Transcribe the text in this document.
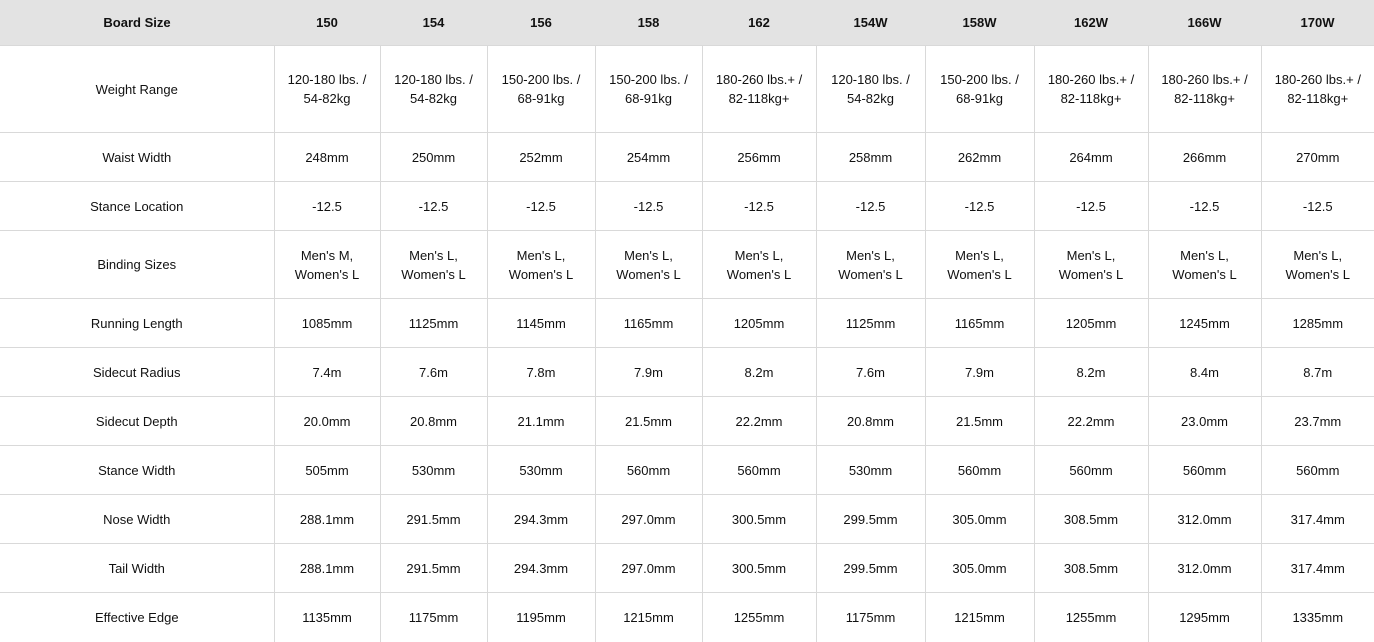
Board Size	150	154	156	158	162	154W	158W	162W	166W	170W
Weight Range	120-180 lbs. / 54-82kg	120-180 lbs. / 54-82kg	150-200 lbs. / 68-91kg	150-200 lbs. / 68-91kg	180-260 lbs.+ / 82-118kg+	120-180 lbs. / 54-82kg	150-200 lbs. / 68-91kg	180-260 lbs.+ / 82-118kg+	180-260 lbs.+ / 82-118kg+	180-260 lbs.+ / 82-118kg+
Waist Width	248mm	250mm	252mm	254mm	256mm	258mm	262mm	264mm	266mm	270mm
Stance Location	-12.5	-12.5	-12.5	-12.5	-12.5	-12.5	-12.5	-12.5	-12.5	-12.5
Binding Sizes	Men's M, Women's L	Men's L, Women's L	Men's L, Women's L	Men's L, Women's L	Men's L, Women's L	Men's L, Women's L	Men's L, Women's L	Men's L, Women's L	Men's L, Women's L	Men's L, Women's L
Running Length	1085mm	1125mm	1145mm	1165mm	1205mm	1125mm	1165mm	1205mm	1245mm	1285mm
Sidecut Radius	7.4m	7.6m	7.8m	7.9m	8.2m	7.6m	7.9m	8.2m	8.4m	8.7m
Sidecut Depth	20.0mm	20.8mm	21.1mm	21.5mm	22.2mm	20.8mm	21.5mm	22.2mm	23.0mm	23.7mm
Stance Width	505mm	530mm	530mm	560mm	560mm	530mm	560mm	560mm	560mm	560mm
Nose Width	288.1mm	291.5mm	294.3mm	297.0mm	300.5mm	299.5mm	305.0mm	308.5mm	312.0mm	317.4mm
Tail Width	288.1mm	291.5mm	294.3mm	297.0mm	300.5mm	299.5mm	305.0mm	308.5mm	312.0mm	317.4mm
Effective Edge	1135mm	1175mm	1195mm	1215mm	1255mm	1175mm	1215mm	1255mm	1295mm	1335mm
